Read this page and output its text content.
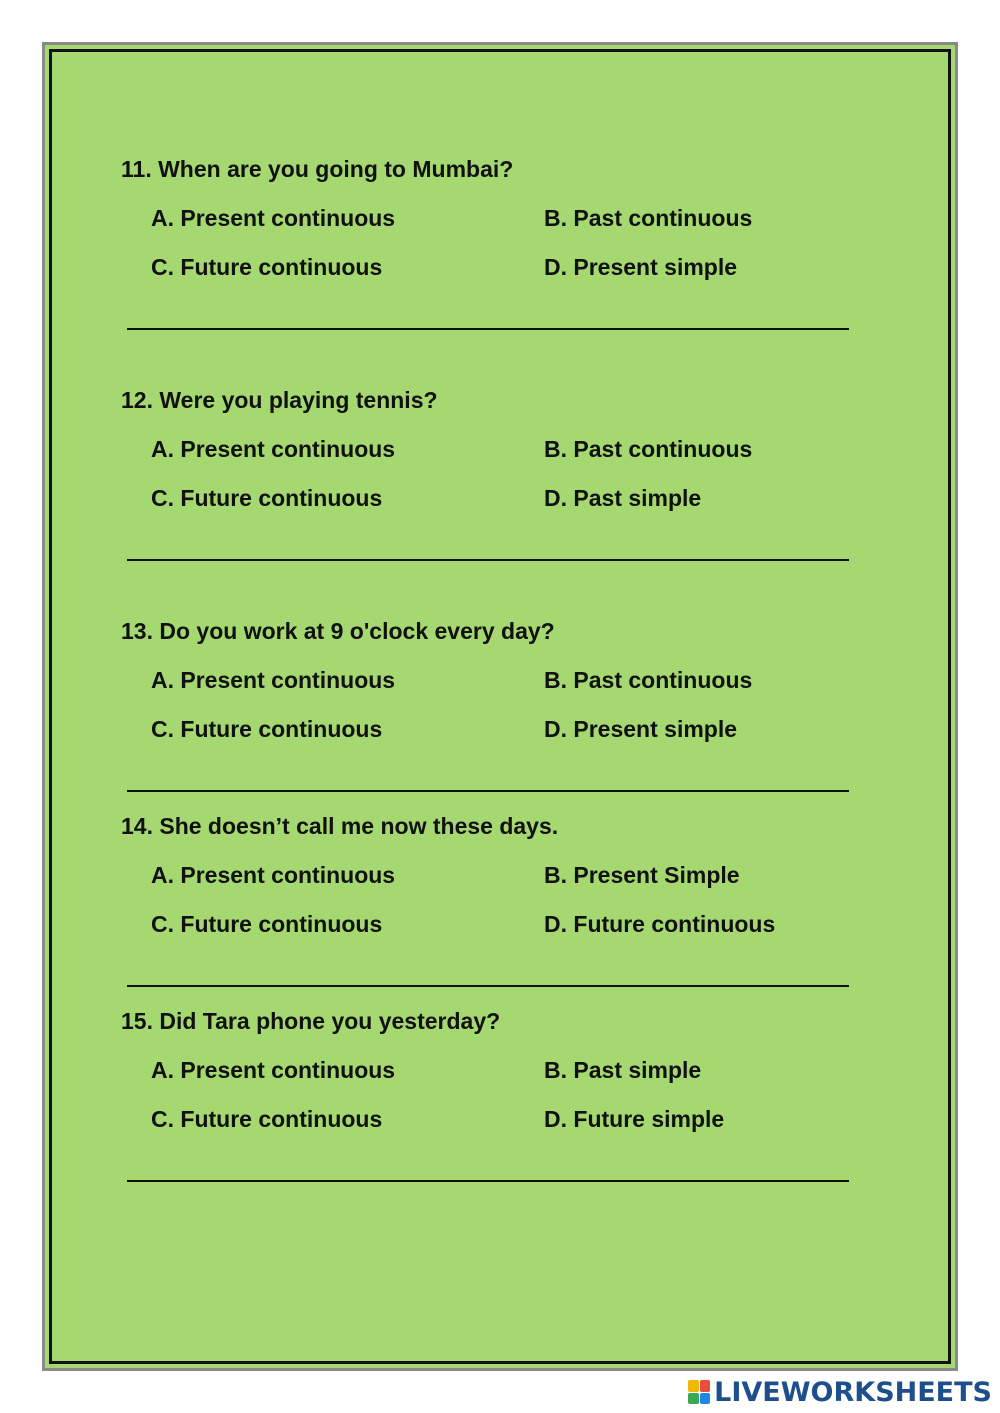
11. When are you going to Mumbai?
A. Present continuous	B. Past continuous
C. Future continuous	D. Present simple
12. Were you playing tennis?
A. Present continuous	B. Past continuous
C. Future continuous	D. Past simple
13. Do you work at 9 o'clock every day?
A. Present continuous	B. Past continuous
C. Future continuous	D. Present simple
14. She doesn’t call me now these days.
A. Present continuous	B. Present Simple
C. Future continuous	D. Future continuous
15. Did Tara phone you yesterday?
A. Present continuous	B. Past simple
C. Future continuous	D. Future simple
LIVEWORKSHEETS
